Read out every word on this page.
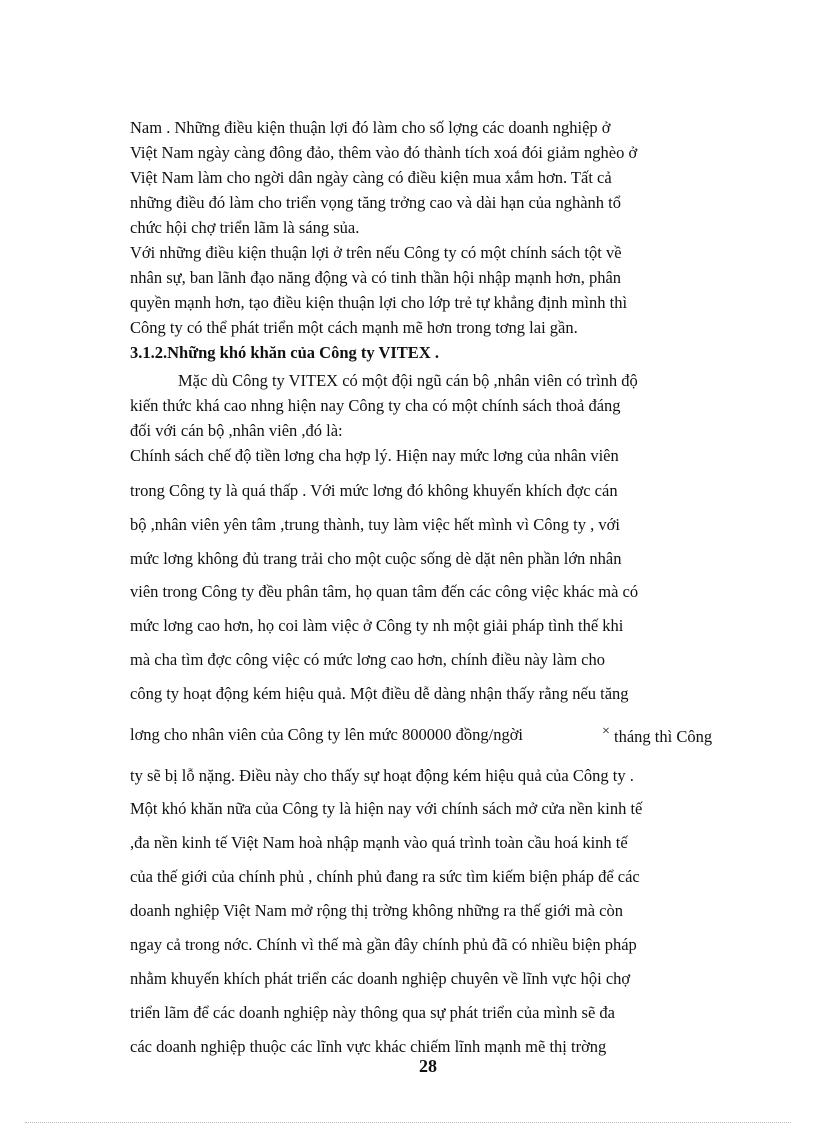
Nam . Những điều kiện thuận lợi đó làm cho số lợng các doanh nghiệp ở
Việt Nam ngày càng đông đảo, thêm vào đó thành tích xoá đói giảm nghèo ở
Việt Nam làm cho ngời dân ngày càng có điều kiện mua xắm hơn. Tất cả
những điều đó làm cho triển vọng tăng trởng cao và dài hạn của nghành tổ
chức hội chợ triển lãm là sáng sủa.
Với những điều kiện thuận lợi ở trên nếu Công ty có một chính sách tột về
nhân sự, ban lãnh đạo năng động và có tinh thần hội nhập mạnh hơn, phân
quyền mạnh hơn, tạo điều kiện thuận lợi cho lớp trẻ tự khẳng định mình thì
Công ty có thể phát triển một cách mạnh mẽ hơn trong tơng lai gần.
3.1.2.Những khó khăn của Công ty VITEX .
Mặc dù Công ty VITEX có một đội ngũ cán bộ ,nhân viên có trình độ
kiến thức khá cao nhng hiện nay Công ty cha có một chính sách thoả đáng
đối với cán bộ ,nhân viên ,đó là:
Chính sách chế độ tiền lơng cha hợp lý. Hiện nay mức lơng của nhân viên
trong Công ty là quá thấp . Với mức lơng đó không khuyến khích đợc cán
bộ ,nhân viên yên tâm ,trung thành, tuy làm việc hết mình vì Công ty , với
mức lơng không đủ trang trải cho một cuộc sống dè dặt nên phần lớn nhân
viên trong Công ty đều phân tâm, họ quan tâm đến các công việc khác mà có
mức lơng cao hơn, họ coi làm việc ở Công ty nh một giải pháp tình thế khi
mà cha tìm đợc công việc có mức lơng cao hơn, chính điều này làm cho
công ty hoạt động kém hiệu quả. Một điều dễ dàng nhận thấy rằng nếu tăng
lơng cho nhân viên của Công ty lên mức 800000 đồng/ngời	× tháng thì Công
ty sẽ bị lỗ nặng. Điều này cho thấy sự hoạt động kém hiệu quả của Công ty .
Một khó khăn nữa của Công ty là hiện nay với chính sách mở cửa nền kinh tế
,đa nền kinh tế Việt Nam hoà nhập mạnh vào quá trình toàn cầu hoá kinh tế
của thế giới của chính phủ , chính phủ đang ra sức tìm kiếm biện pháp để các
doanh nghiệp Việt Nam mở rộng thị trờng không những ra thế giới mà còn
ngay cả trong nớc. Chính vì thế mà gần đây chính phủ đã có nhiều biện pháp
nhằm khuyến khích phát triển các doanh nghiệp chuyên về lĩnh vực hội chợ
triển lãm để các doanh nghiệp này thông qua sự phát triển của mình sẽ đa
các doanh nghiệp thuộc các lĩnh vực khác chiếm lĩnh mạnh mẽ thị trờng
28
